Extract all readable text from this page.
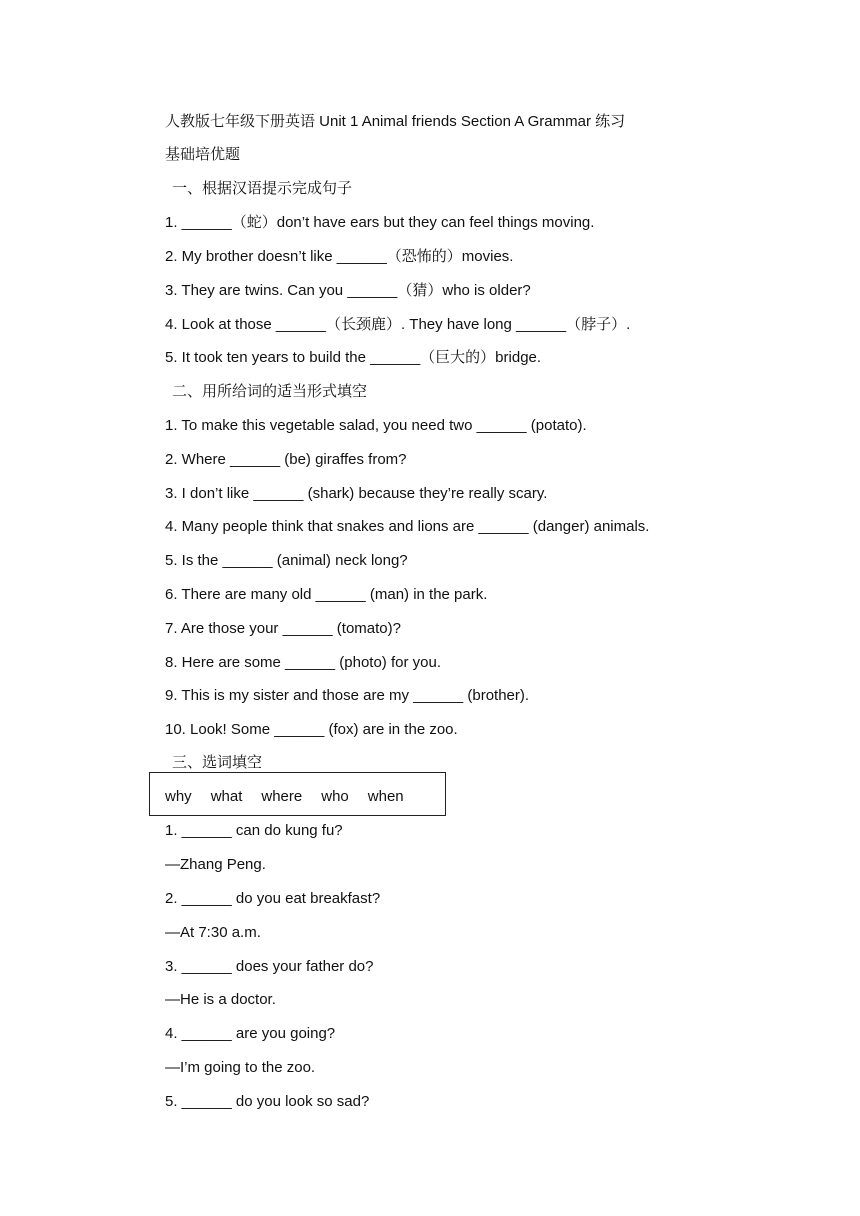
人教版七年级下册英语 Unit 1 Animal friends Section A Grammar 练习
基础培优题
一、根据汉语提示完成句子
1. ______（蛇）don’t have ears but they can feel things moving.
2. My brother doesn’t like ______（恐怖的）movies.
3. They are twins. Can you ______（猜）who is older?
4. Look at those ______（长颈鹿）. They have long ______（脖子）.
5. It took ten years to build the ______（巨大的）bridge.
二、用所给词的适当形式填空
1. To make this vegetable salad, you need two ______ (potato).
2. Where ______ (be) giraffes from?
3. I don’t like ______ (shark) because they’re really scary.
4. Many people think that snakes and lions are ______ (danger) animals.
5. Is the ______ (animal) neck long?
6. There are many old ______ (man) in the park.
7. Are those your ______ (tomato)?
8. Here are some ______ (photo) for you.
9. This is my sister and those are my ______ (brother).
10. Look! Some ______ (fox) are in the zoo.
三、选词填空
why what where who when
1. ______ can do kung fu?
—Zhang Peng.
2. ______ do you eat breakfast?
—At 7:30 a.m.
3. ______ does your father do?
—He is a doctor.
4. ______ are you going?
—I’m going to the zoo.
5. ______ do you look so sad?
